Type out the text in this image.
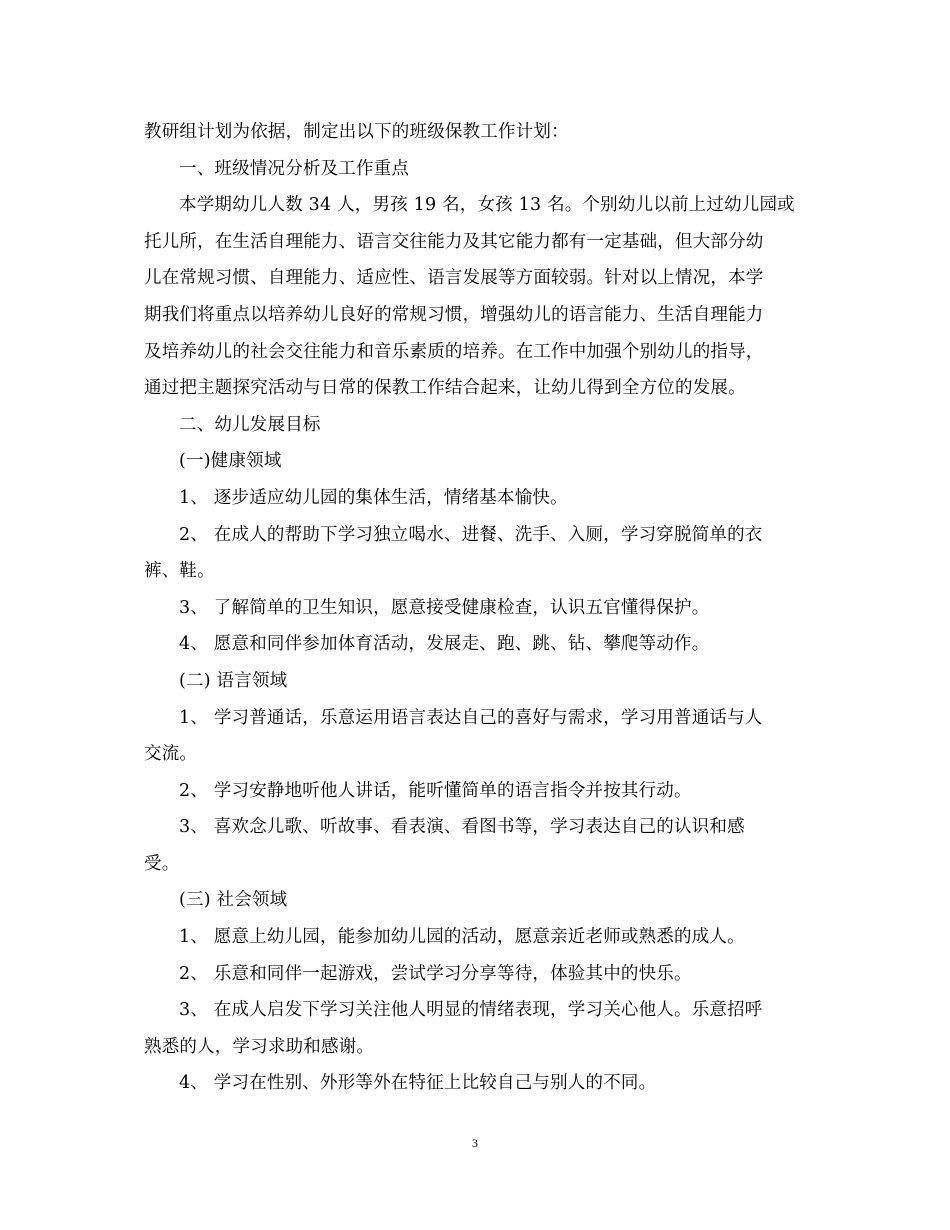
教研组计划为依据，制定出以下的班级保教工作计划：
一、班级情况分析及工作重点
本学期幼儿人数 34 人，男孩 19 名，女孩 13 名。个别幼儿以前上过幼儿园或
托儿所，在生活自理能力、语言交往能力及其它能力都有一定基础，但大部分幼
儿在常规习惯、自理能力、适应性、语言发展等方面较弱。针对以上情况，本学
期我们将重点以培养幼儿良好的常规习惯，增强幼儿的语言能力、生活自理能力
及培养幼儿的社会交往能力和音乐素质的培养。在工作中加强个别幼儿的指导，
通过把主题探究活动与日常的保教工作结合起来，让幼儿得到全方位的发展。
二、幼儿发展目标
(一)健康领域
1、 逐步适应幼儿园的集体生活，情绪基本愉快。
2、 在成人的帮助下学习独立喝水、进餐、洗手、入厕，学习穿脱简单的衣
裤、鞋。
3、 了解简单的卫生知识，愿意接受健康检查，认识五官懂得保护。
4、 愿意和同伴参加体育活动，发展走、跑、跳、钻、攀爬等动作。
(二) 语言领域
1、 学习普通话，乐意运用语言表达自己的喜好与需求，学习用普通话与人
交流。
2、 学习安静地听他人讲话，能听懂简单的语言指令并按其行动。
3、 喜欢念儿歌、听故事、看表演、看图书等，学习表达自己的认识和感
受。
(三) 社会领域
1、 愿意上幼儿园，能参加幼儿园的活动，愿意亲近老师或熟悉的成人。
2、 乐意和同伴一起游戏，尝试学习分享等待，体验其中的快乐。
3、 在成人启发下学习关注他人明显的情绪表现，学习关心他人。乐意招呼
熟悉的人，学习求助和感谢。
4、 学习在性别、外形等外在特征上比较自己与别人的不同。
3
